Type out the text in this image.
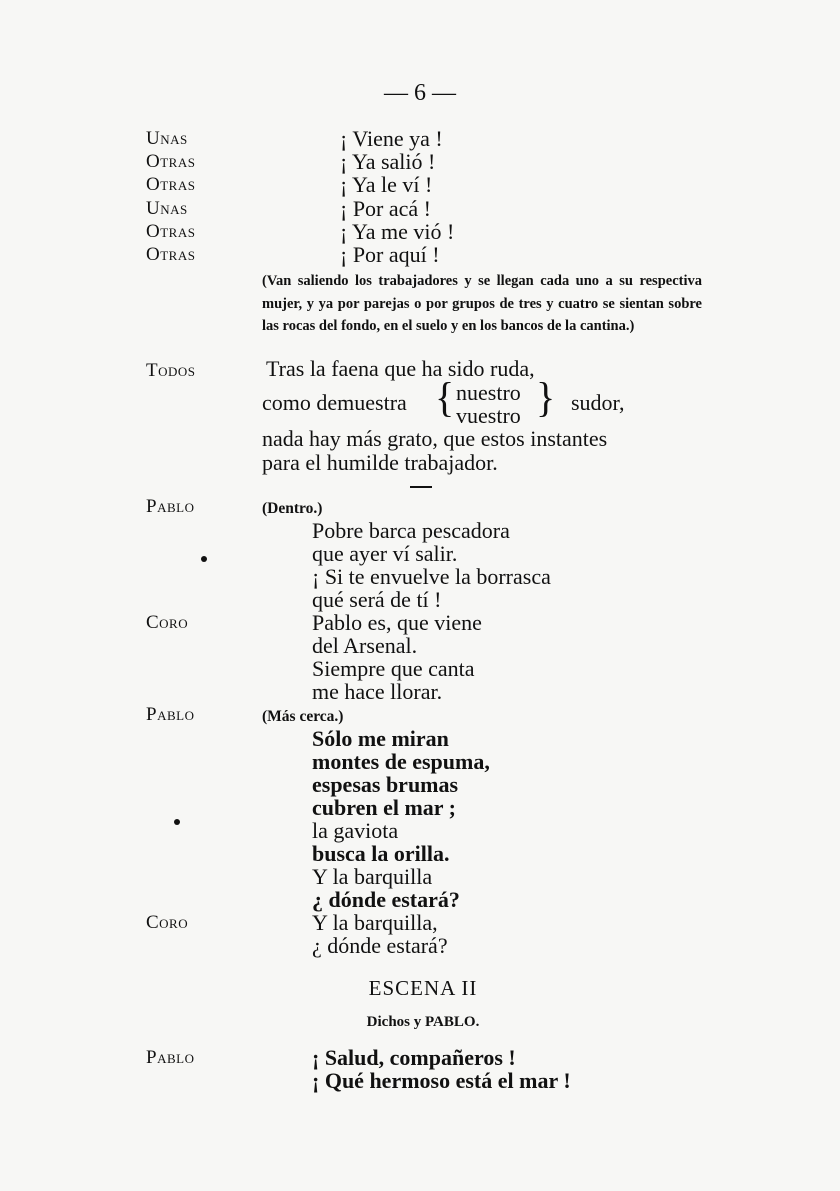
— 6 —
Unas	¡ Viene ya !
Otras	¡ Ya salió !
Otras	¡ Ya le ví !
Unas	¡ Por acá !
Otras	¡ Ya me vió !
Otras	¡ Por aquí !
(Van saliendo los trabajadores y se llegan cada uno a su respectiva mujer, y ya por parejas o por grupos de tres y cuatro se sientan sobre las rocas del fondo, en el suelo y en los bancos de la cantina.)
Todos	Tras la faena que ha sido ruda,
como demuestra { nuestro
vuestro } sudor,
nada hay más grato, que estos instantes
para el humilde trabajador.
Pablo	(Dentro.)
Pobre barca pescadora
que ayer ví salir.
¡ Si te envuelve la borrasca
qué será de tí !
Coro	Pablo es, que viene
del Arsenal.
Siempre que canta
me hace llorar.
Pablo	(Más cerca.)
Sólo me miran
montes de espuma,
espesas brumas
cubren el mar ;
la gaviota
busca la orilla.
Y la barquilla
¿ dónde estará?
Coro	Y la barquilla,
¿ dónde estará?
ESCENA II
Dichos y PABLO.
Pablo	¡ Salud, compañeros !
¡ Qué hermoso está el mar !
